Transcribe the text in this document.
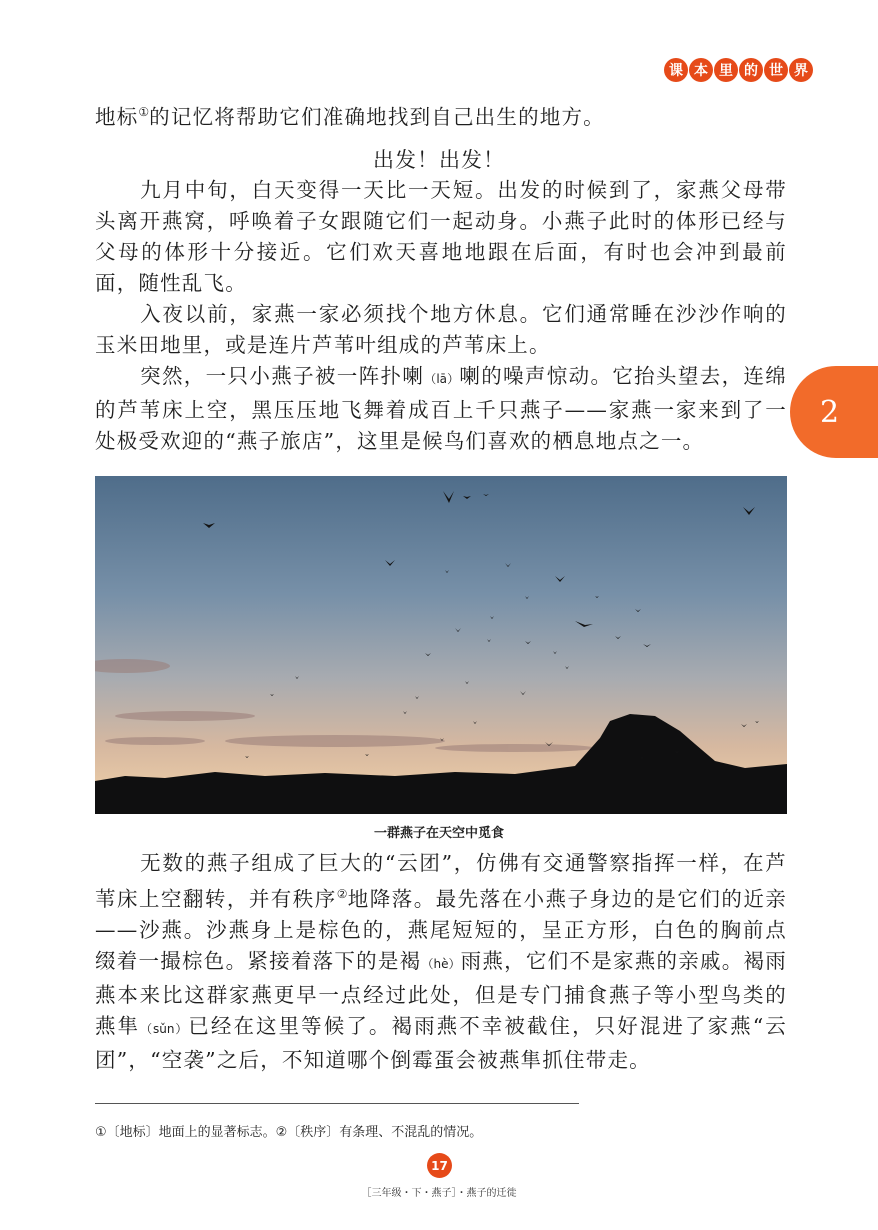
课 本 里 的 世 界
2

地标①的记忆将帮助它们准确地找到自己出生的地方。

出发！出发！

九月中旬，白天变得一天比一天短。出发的时候到了，家燕父母带头离开燕窝，呼唤着子女跟随它们一起动身。小燕子此时的体形已经与父母的体形十分接近。它们欢天喜地地跟在后面，有时也会冲到最前面，随性乱飞。

入夜以前，家燕一家必须找个地方休息。它们通常睡在沙沙作响的玉米田地里，或是连片芦苇叶组成的芦苇床上。

突然，一只小燕子被一阵扑喇（lā）喇的噪声惊动。它抬头望去，连绵的芦苇床上空，黑压压地飞舞着成百上千只燕子——家燕一家来到了一处极受欢迎的“燕子旅店”，这里是候鸟们喜欢的栖息地点之一。

一群燕子在天空中觅食

无数的燕子组成了巨大的“云团”，仿佛有交通警察指挥一样，在芦苇床上空翻转，并有秩序②地降落。最先落在小燕子身边的是它们的近亲——沙燕。沙燕身上是棕色的，燕尾短短的，呈正方形，白色的胸前点缀着一撮棕色。紧接着落下的是褐（hè）雨燕，它们不是家燕的亲戚。褐雨燕本来比这群家燕更早一点经过此处，但是专门捕食燕子等小型鸟类的燕隼（sǔn）已经在这里等候了。褐雨燕不幸被截住，只好混进了家燕“云团”，“空袭”之后，不知道哪个倒霉蛋会被燕隼抓住带走。

①〔地标〕地面上的显著标志。②〔秩序〕有条理、不混乱的情况。
17
［三年级・下・燕子］・燕子的迁徙
